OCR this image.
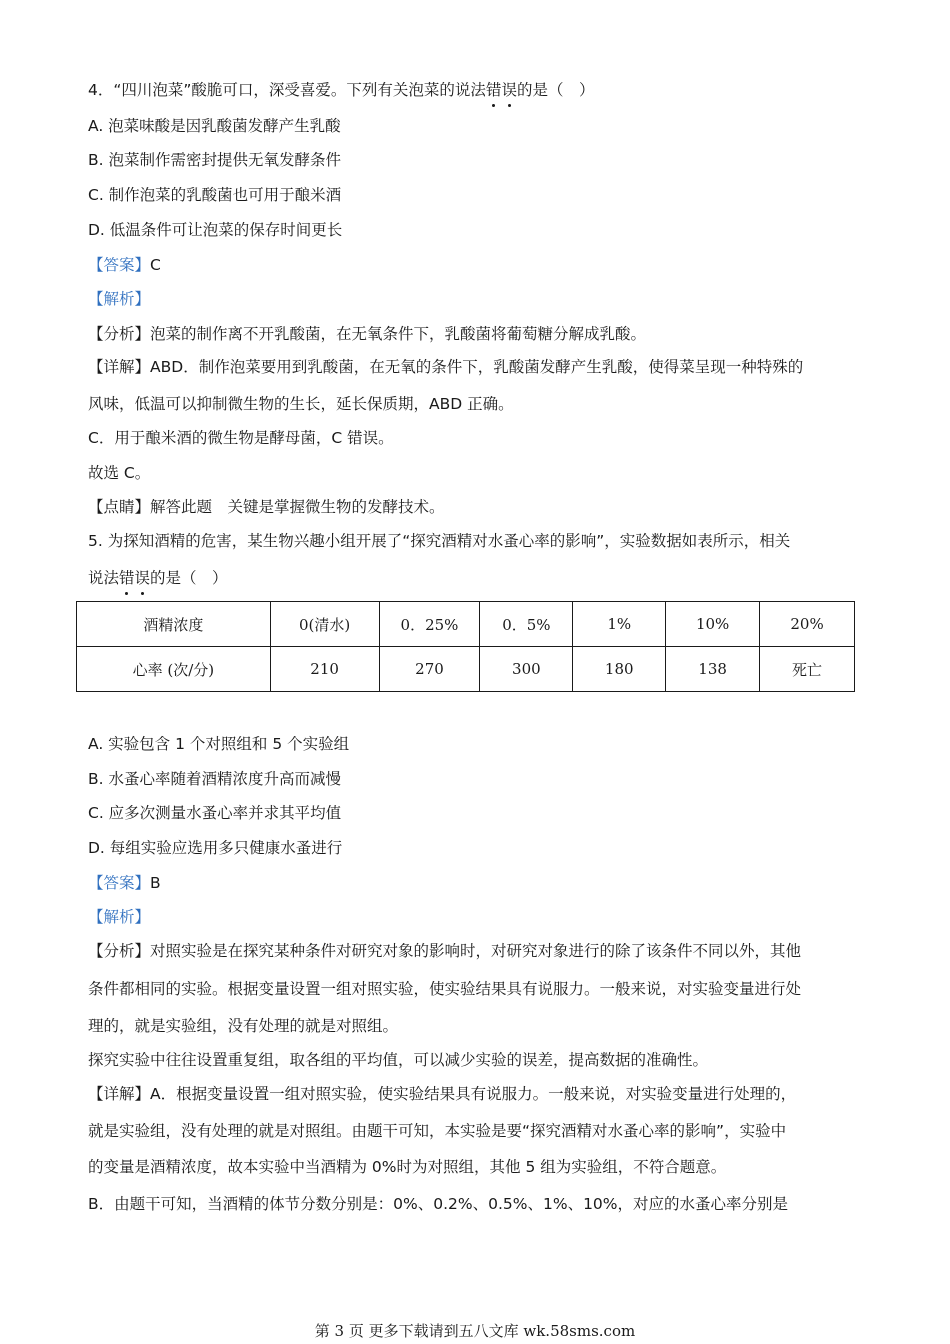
4．“四川泡菜”酸脆可口，深受喜爱。下列有关泡菜的说法错误的是（　）
A. 泡菜味酸是因乳酸菌发酵产生乳酸
B. 泡菜制作需密封提供无氧发酵条件
C. 制作泡菜的乳酸菌也可用于酿米酒
D. 低温条件可让泡菜的保存时间更长
【答案】C
【解析】
【分析】泡菜的制作离不开乳酸菌，在无氧条件下，乳酸菌将葡萄糖分解成乳酸。
【详解】ABD．制作泡菜要用到乳酸菌，在无氧的条件下，乳酸菌发酵产生乳酸，使得菜呈现一种特殊的
风味，低温可以抑制微生物的生长，延长保质期，ABD 正确。
C．用于酿米酒的微生物是酵母菌，C 错误。
故选 C。
【点睛】解答此题　关键是掌握微生物的发酵技术。
5. 为探知酒精的危害，某生物兴趣小组开展了“探究酒精对水蚤心率的影响”，实验数据如表所示，相关
说法错误的是（　）
酒精浓度	0(清水)	0．25%	0．5%	1%	10%	20%
心率 (次/分)	210	270	300	180	138	死亡
A. 实验包含 1 个对照组和 5 个实验组
B. 水蚤心率随着酒精浓度升高而减慢
C. 应多次测量水蚤心率并求其平均值
D. 每组实验应选用多只健康水蚤进行
【答案】B
【解析】
【分析】对照实验是在探究某种条件对研究对象的影响时，对研究对象进行的除了该条件不同以外，其他
条件都相同的实验。根据变量设置一组对照实验，使实验结果具有说服力。一般来说，对实验变量进行处
理的，就是实验组，没有处理的就是对照组。
探究实验中往往设置重复组，取各组的平均值，可以减少实验的误差，提高数据的准确性。
【详解】A．根据变量设置一组对照实验，使实验结果具有说服力。一般来说，对实验变量进行处理的，
就是实验组，没有处理的就是对照组。由题干可知，本实验是要“探究酒精对水蚤心率的影响”，实验中
的变量是酒精浓度，故本实验中当酒精为 0%时为对照组，其他 5 组为实验组，不符合题意。
B．由题干可知，当酒精的体节分数分别是：0%、0.2%、0.5%、1%、10%，对应的水蚤心率分别是
第 3 页 更多下载请到五八文库 wk.58sms.com
